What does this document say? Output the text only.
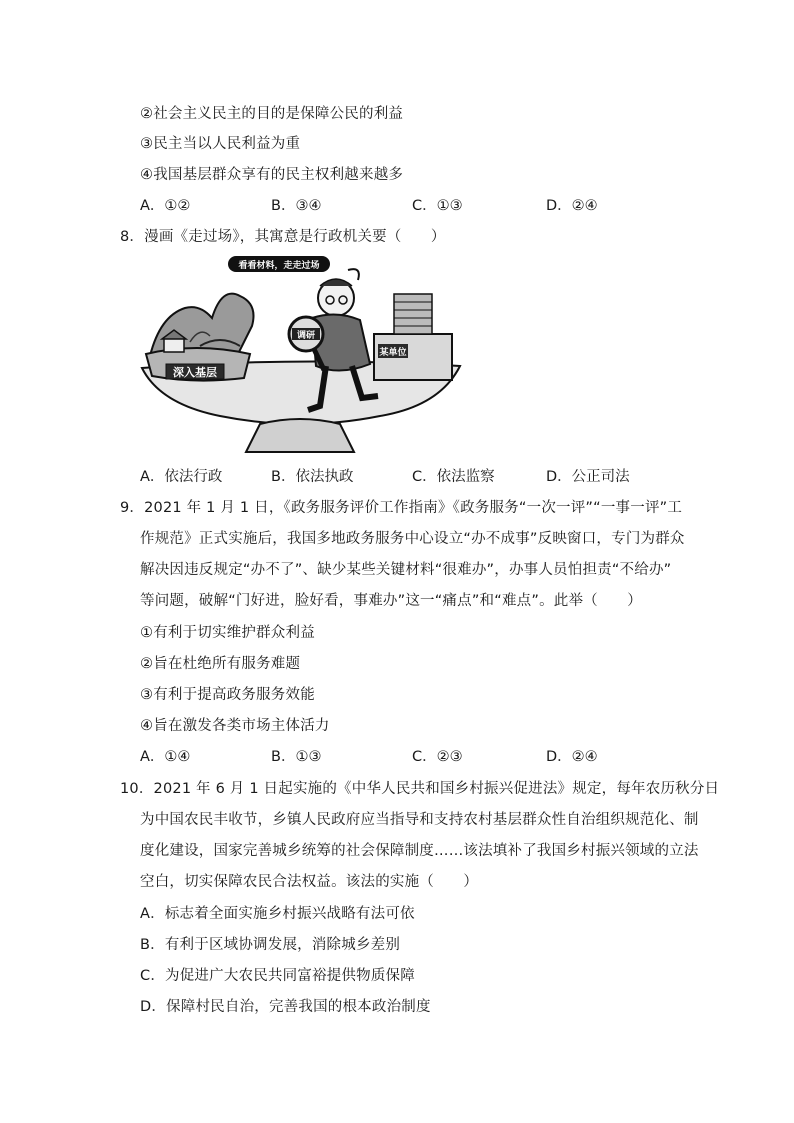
②社会主义民主的目的是保障公民的利益
③民主当以人民利益为重
④我国基层群众享有的民主权利越来越多
A．①②	B．③④	C．①③	D．②④
8．漫画《走过场》，其寓意是行政机关要（　　）
深入基层
看看材料，走走过场
某单位
调研
A．依法行政	B．依法执政	C．依法监察	D．公正司法
9．2021 年 1 月 1 日，《政务服务评价工作指南》《政务服务“一次一评”“一事一评”工
作规范》正式实施后，我国多地政务服务中心设立“办不成事”反映窗口，专门为群众
解决因违反规定“办不了”、缺少某些关键材料“很难办”，办事人员怕担责“不给办”
等问题，破解“门好进，脸好看，事难办”这一“痛点”和“难点”。此举（　　）
①有利于切实维护群众利益
②旨在杜绝所有服务难题
③有利于提高政务服务效能
④旨在激发各类市场主体活力
A．①④	B．①③	C．②③	D．②④
10．2021 年 6 月 1 日起实施的《中华人民共和国乡村振兴促进法》规定，每年农历秋分日
为中国农民丰收节，乡镇人民政府应当指导和支持农村基层群众性自治组织规范化、制
度化建设，国家完善城乡统筹的社会保障制度……该法填补了我国乡村振兴领域的立法
空白，切实保障农民合法权益。该法的实施（　　）
A．标志着全面实施乡村振兴战略有法可依
B．有利于区域协调发展，消除城乡差别
C．为促进广大农民共同富裕提供物质保障
D．保障村民自治，完善我国的根本政治制度
